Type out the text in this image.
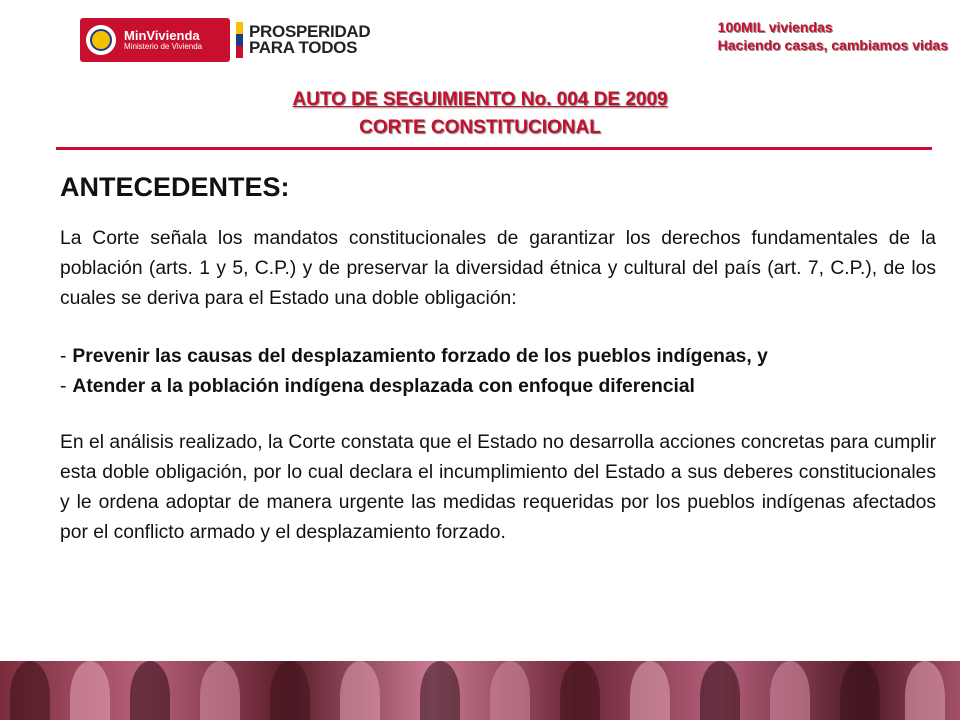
MinVivienda
Ministerio de Vivienda
PROSPERIDAD
PARA TODOS
100MIL viviendas
Haciendo casas, cambiamos vidas
AUTO DE SEGUIMIENTO No. 004 DE 2009
CORTE CONSTITUCIONAL
ANTECEDENTES:

La Corte señala los mandatos constitucionales de garantizar los derechos fundamentales de la población (arts. 1 y 5, C.P.) y de preservar la diversidad étnica y cultural del país (art. 7, C.P.), de los cuales se deriva para el Estado una doble obligación:

- Prevenir las causas del desplazamiento forzado de los pueblos indígenas, y
- Atender a la población indígena desplazada con enfoque diferencial

En el análisis realizado, la Corte constata que el Estado no desarrolla acciones concretas para cumplir esta doble obligación, por lo cual declara el incumplimiento del Estado a sus deberes constitucionales y le ordena adoptar de manera urgente las medidas requeridas por los pueblos indígenas afectados por el conflicto armado y el desplazamiento forzado.
